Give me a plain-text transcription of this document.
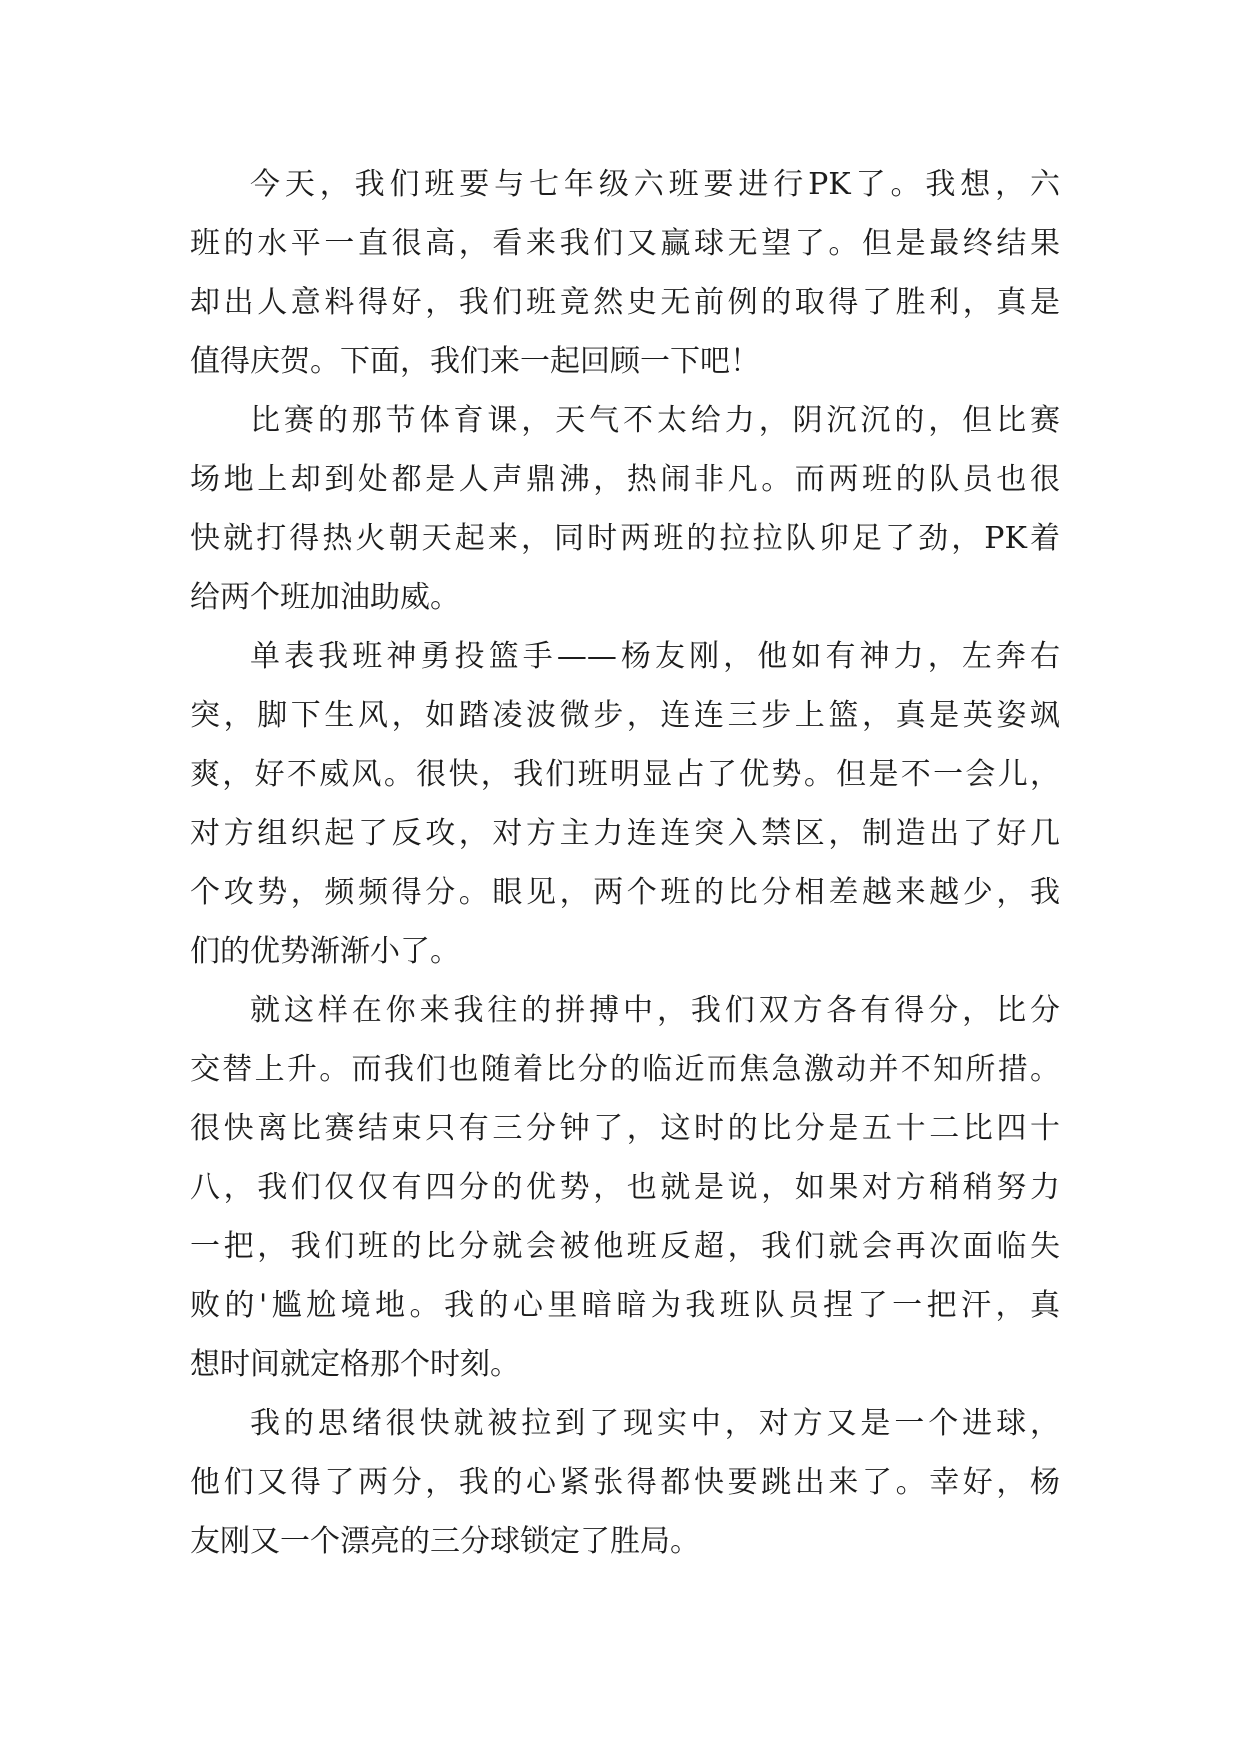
今天，我们班要与七年级六班要进行PK了。我想，六
班的水平一直很高，看来我们又赢球无望了。但是最终结果
却出人意料得好，我们班竟然史无前例的取得了胜利，真是
值得庆贺。下面，我们来一起回顾一下吧！

比赛的那节体育课，天气不太给力，阴沉沉的，但比赛
场地上却到处都是人声鼎沸，热闹非凡。而两班的队员也很
快就打得热火朝天起来，同时两班的拉拉队卯足了劲，PK着
给两个班加油助威。

单表我班神勇投篮手——杨友刚，他如有神力，左奔右
突，脚下生风，如踏凌波微步，连连三步上篮，真是英姿飒
爽，好不威风。很快，我们班明显占了优势。但是不一会儿，
对方组织起了反攻，对方主力连连突入禁区，制造出了好几
个攻势，频频得分。眼见，两个班的比分相差越来越少，我
们的优势渐渐小了。

就这样在你来我往的拼搏中，我们双方各有得分，比分
交替上升。而我们也随着比分的临近而焦急激动并不知所措。
很快离比赛结束只有三分钟了，这时的比分是五十二比四十
八，我们仅仅有四分的优势，也就是说，如果对方稍稍努力
一把，我们班的比分就会被他班反超，我们就会再次面临失
败的'尴尬境地。我的心里暗暗为我班队员捏了一把汗，真
想时间就定格那个时刻。

我的思绪很快就被拉到了现实中，对方又是一个进球，
他们又得了两分，我的心紧张得都快要跳出来了。幸好，杨
友刚又一个漂亮的三分球锁定了胜局。
